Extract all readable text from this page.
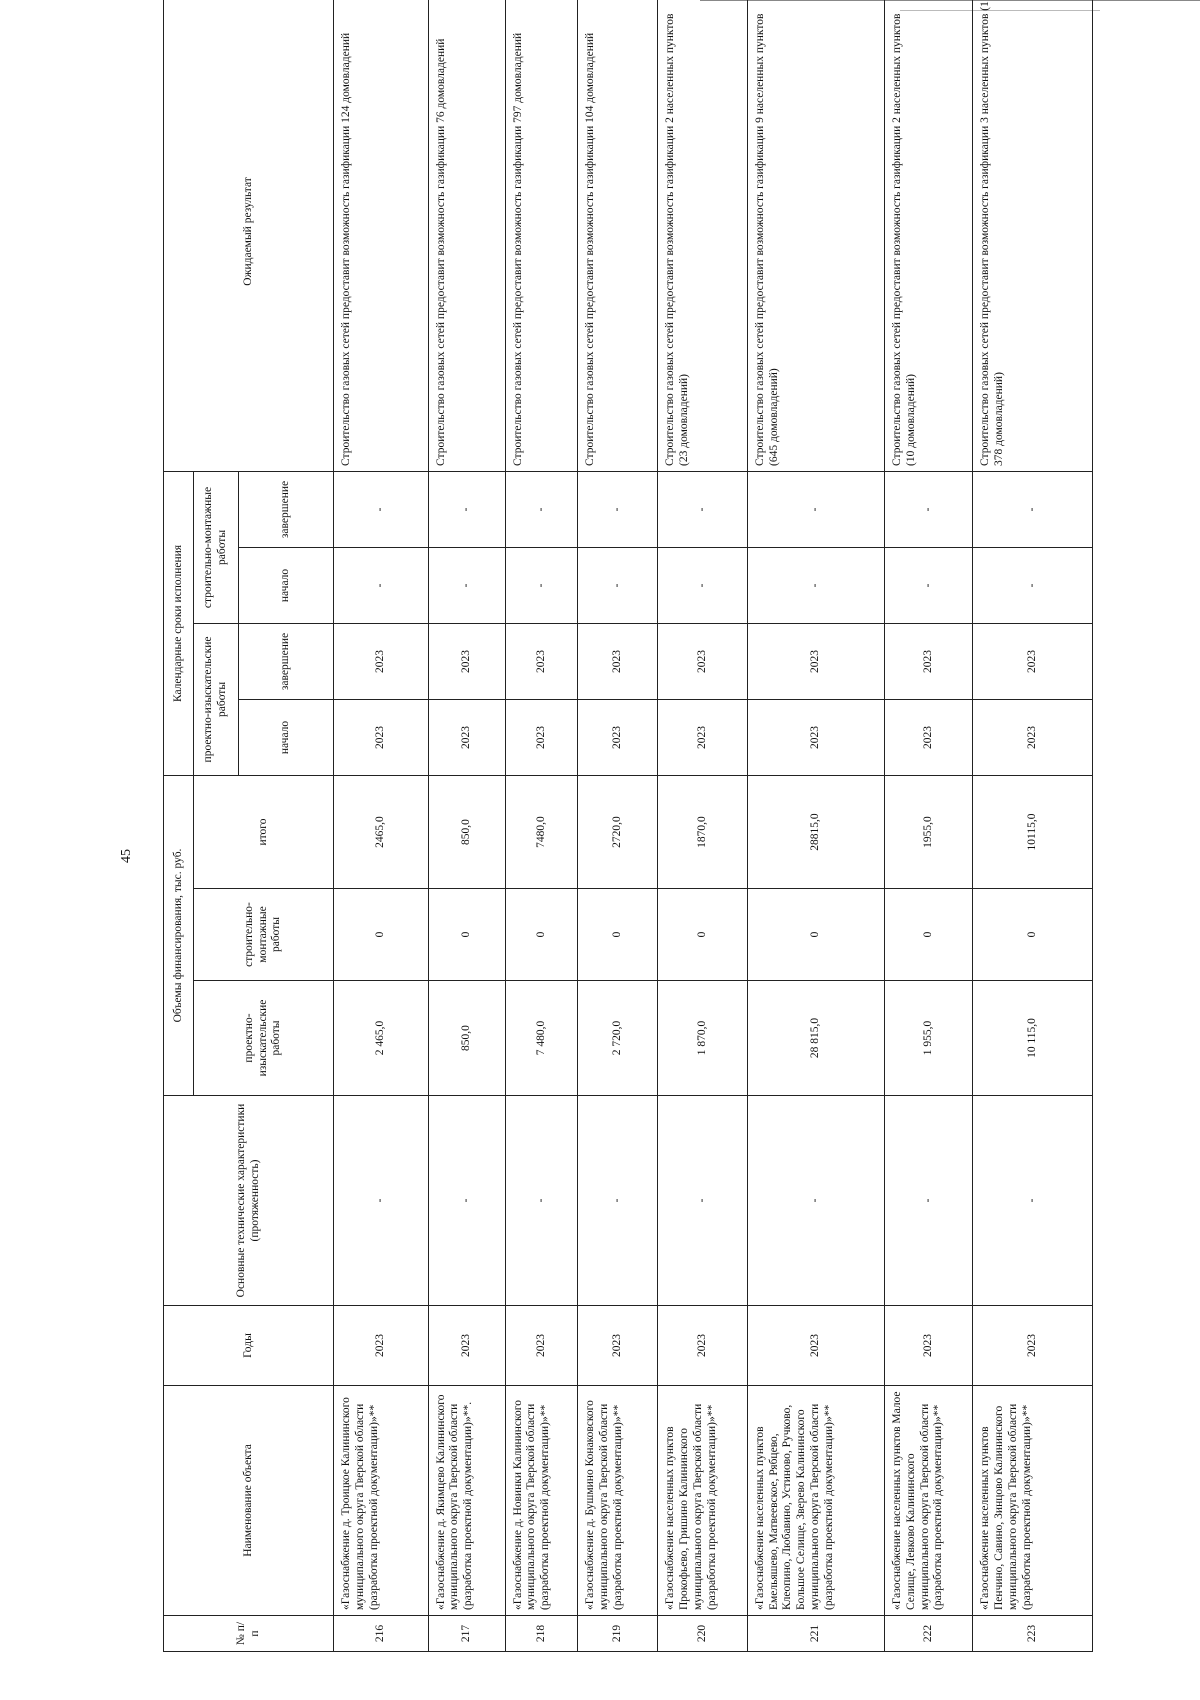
45
№ п/п	Наименование объекта	Годы	Основные технические характеристики (протяженность)	Объемы финансирования, тыс. руб.			Календарные сроки исполнения				Ожидаемый результат
				проектно-изыскательские работы	строительно-монтажные работы	итого	проектно-изыскательские работы		строительно-монтажные работы		
							начало	завершение	начало	завершение	
216	«Газоснабжение д. Троицкое Калининского муниципального округа Тверской области (разработка проектной документации)»**	2023	-	2 465,0	0	2465,0	2023	2023	-	-	Строительство газовых сетей предоставит возможность газификации 124 домовладений
217	«Газоснабжение д. Якимцево Калининского муниципального округа Тверской области (разработка проектной документации)»**.	2023	-	850,0	0	850,0	2023	2023	-	-	Строительство газовых сетей предоставит возможность газификации 76 домовладений
218	«Газоснабжение д. Новинки Калининского муниципального округа Тверской области (разработка проектной документации)»**	2023	-	7 480,0	0	7480,0	2023	2023	-	-	Строительство газовых сетей предоставит возможность газификации 797 домовладений
219	«Газоснабжение д. Бушмино Конаковского муниципального округа Тверской области (разработка проектной документации)»**	2023	-	2 720,0	0	2720,0	2023	2023	-	-	Строительство газовых сетей предоставит возможность газификации 104 домовладений
220	«Газоснабжение населенных пунктов Прокофьево, Гришино Калининского муниципального округа Тверской области (разработка проектной документации)»**	2023	-	1 870,0	0	1870,0	2023	2023	-	-	Строительство газовых сетей предоставит возможность газификации 2 населенных пунктов (23 домовладений)
221	«Газоснабжение населенных пунктов Емельяшево, Матвеевское, Рябцево, Клеопино, Любавино, Устиново, Ручково, Большое Селище, Зверево Калининского муниципального округа Тверской области (разработка проектной документации)»**	2023	-	28 815,0	0	28815,0	2023	2023	-	-	Строительство газовых сетей предоставит возможность газификации 9 населенных пунктов (645 домовладений)
222	«Газоснабжение населенных пунктов Малое Селище, Левково Калининского муниципального округа Тверской области (разработка проектной документации)»**	2023	-	1 955,0	0	1955,0	2023	2023	-	-	Строительство газовых сетей предоставит возможность газификации 2 населенных пунктов (10 домовладений)
223	«Газоснабжение населенных пунктов Пенчино, Савино, Зинцово Калининского муниципального округа Тверской области (разработка проектной документации)»**	2023	-	10 115,0	0	10115,0	2023	2023	-	-	Строительство газовых сетей предоставит возможность газификации 3 населенных пунктов (1 378 домовладений)
